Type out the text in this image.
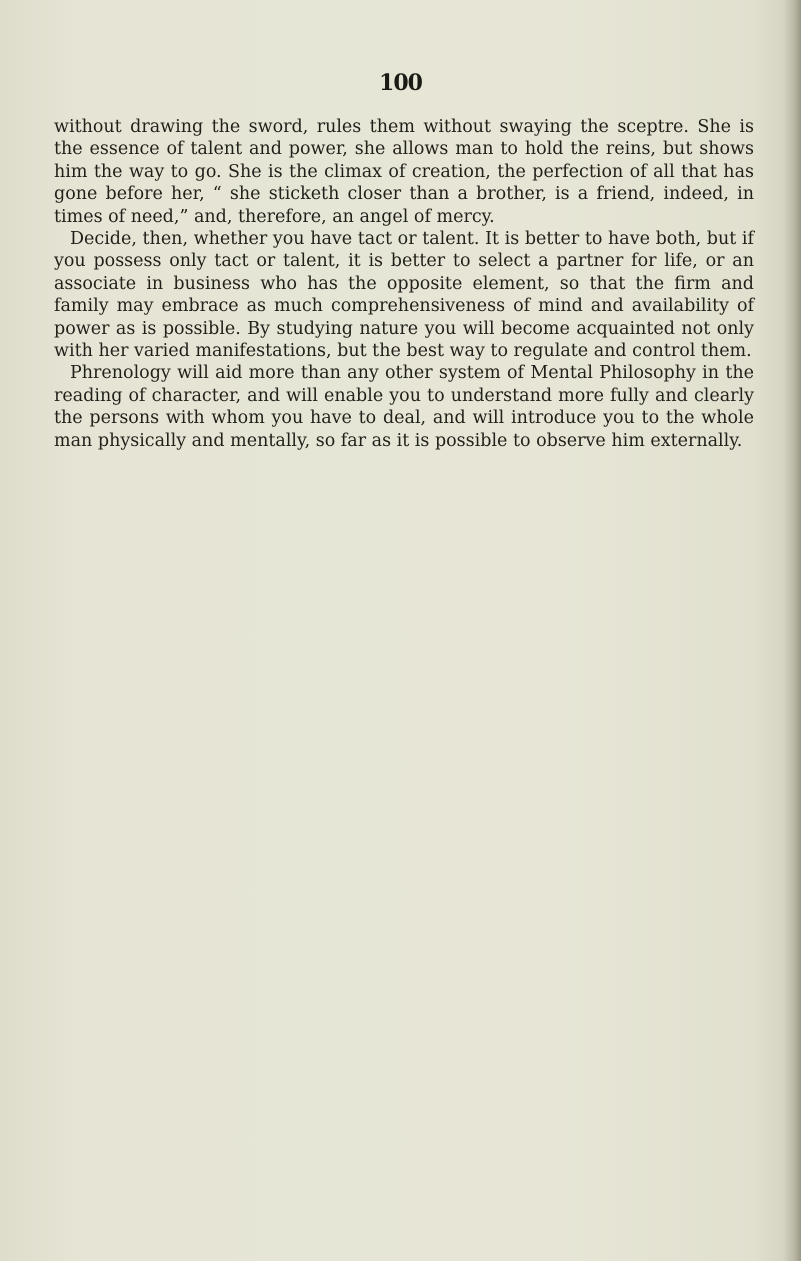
100

without drawing the sword, rules them without swaying the sceptre. She is the essence of talent and power, she allows man to hold the reins, but shows him the way to go. She is the climax of creation, the perfection of all that has gone before her, “ she sticketh closer than a brother, is a friend, indeed, in times of need,” and, therefore, an angel of mercy.

Decide, then, whether you have tact or talent. It is better to have both, but if you possess only tact or talent, it is better to select a partner for life, or an associate in business who has the opposite element, so that the firm and family may embrace as much comprehensiveness of mind and availability of power as is possible. By studying nature you will become acquainted not only with her varied manifestations, but the best way to regulate and control them.

Phrenology will aid more than any other system of Mental Philosophy in the reading of character, and will enable you to understand more fully and clearly the persons with whom you have to deal, and will introduce you to the whole man physically and mentally, so far as it is possible to observe him externally.
